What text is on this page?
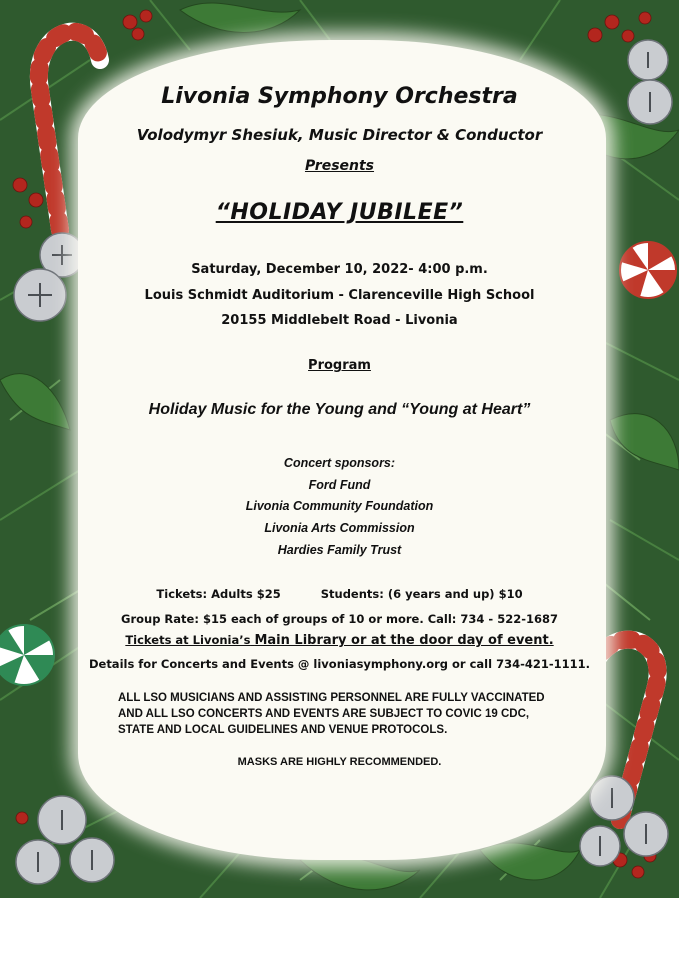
Livonia Symphony Orchestra

Volodymyr Shesiuk, Music Director & Conductor

Presents

“HOLIDAY JUBILEE”

Saturday, December 10, 2022- 4:00 p.m.

Louis Schmidt Auditorium - Clarenceville High School

20155 Middlebelt Road - Livonia

Program

Holiday Music for the Young and “Young at Heart”

Concert sponsors:

Ford Fund

Livonia Community Foundation

Livonia Arts Commission

Hardies Family Trust

Tickets: Adults $25	Students: (6 years and up) $10

Group Rate: $15 each of groups of 10 or more. Call: 734 - 522-1687

Tickets at Livonia’s Main Library or at the door day of event.

Details for Concerts and Events @ livoniasymphony.org or call 734-421-1111.

ALL LSO MUSICIANS AND ASSISTING PERSONNEL ARE FULLY VACCINATED

AND ALL LSO CONCERTS AND EVENTS ARE SUBJECT TO COVIC 19 CDC,

STATE AND LOCAL GUIDELINES AND VENUE PROTOCOLS.

MASKS ARE HIGHLY RECOMMENDED.
